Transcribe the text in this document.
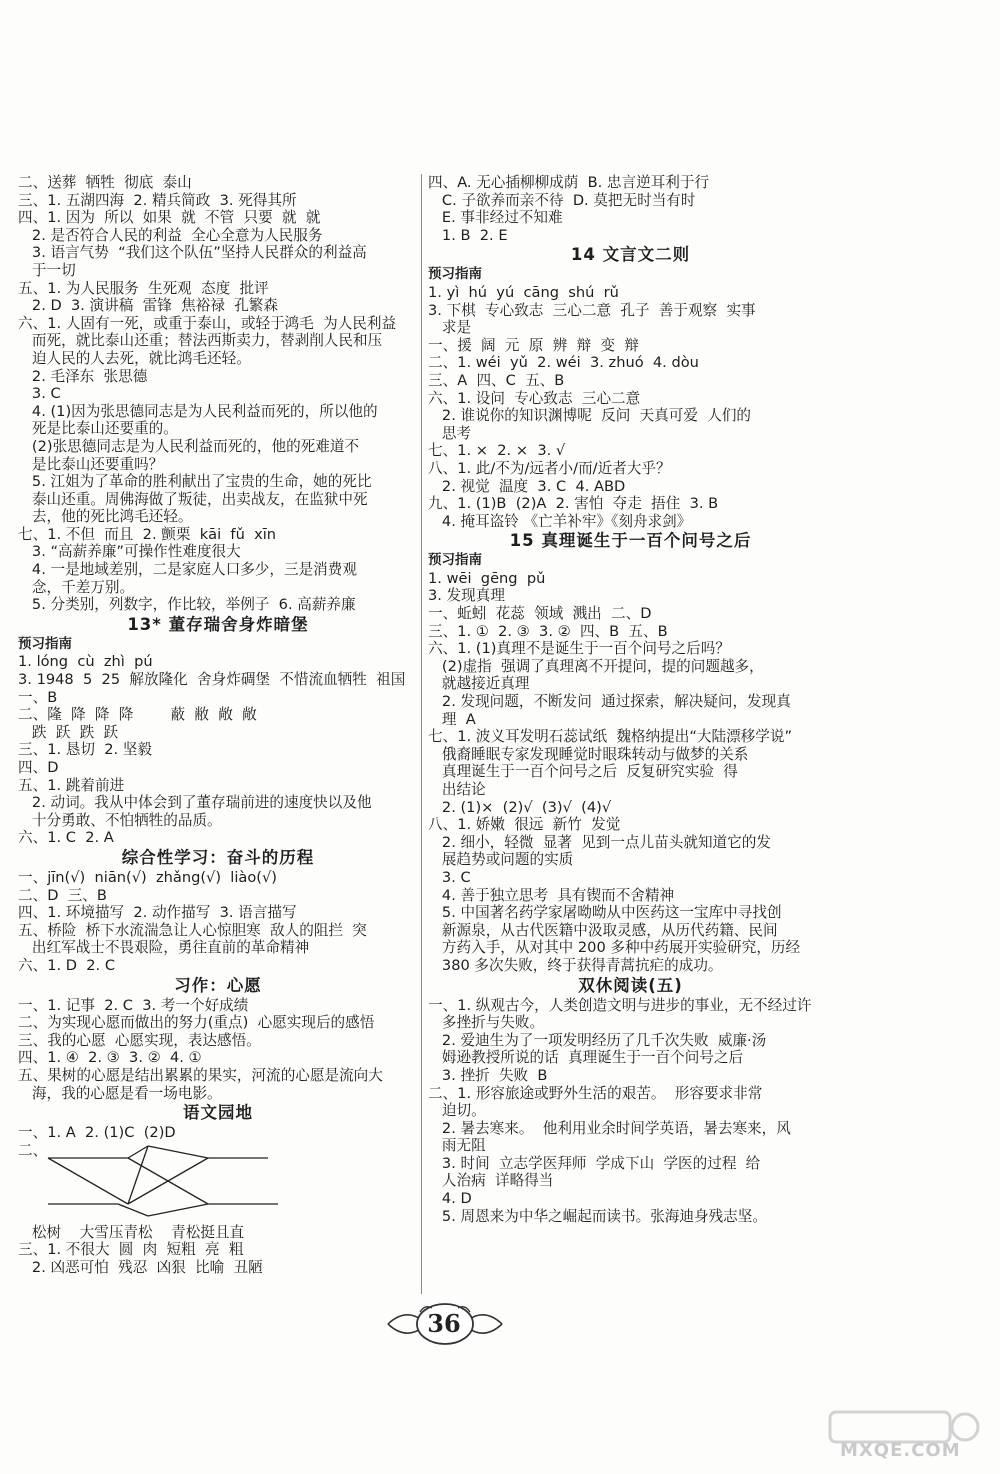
二、送葬  牺牲  彻底  泰山
三、1. 五湖四海  2. 精兵简政  3. 死得其所
四、1. 因为  所以  如果  就  不管  只要  就  就
2. 是否符合人民的利益  全心全意为人民服务
3. 语言气势  “我们这个队伍”坚持人民群众的利益高
于一切
五、1. 为人民服务  生死观  态度  批评
2. D  3. 演讲稿  雷锋  焦裕禄  孔繁森
六、1. 人固有一死，或重于泰山，或轻于鸿毛  为人民利益
而死，就比泰山还重；替法西斯卖力，替剥削人民和压
迫人民的人去死，就比鸿毛还轻。
2. 毛泽东  张思德
3. C
4. (1)因为张思德同志是为人民利益而死的，所以他的
死是比泰山还要重的。
(2)张思德同志是为人民利益而死的，他的死难道不
是比泰山还要重吗？
5. 江姐为了革命的胜利献出了宝贵的生命，她的死比
泰山还重。周佛海做了叛徒，出卖战友，在监狱中死
去，他的死比鸿毛还轻。
七、1. 不但  而且  2. 颤栗  kāi  fǔ  xīn
3. “高薪养廉”可操作性难度很大
4. 一是地域差别，二是家庭人口多少，三是消费观
念，千差万别。
5. 分类别，列数字，作比较，举例子  6. 高薪养廉
13* 董存瑞舍身炸暗堡
预习指南
1. lóng  cù  zhì  pú
3. 1948  5  25  解放隆化  舍身炸碉堡  不惜流血牺牲  祖国
一、B
二、隆  降  降  降        蔽  敝  敞  敞
跌  跃  跌  跃
三、1. 恳切  2. 坚毅
四、D
五、1. 跳着前进
2. 动词。我从中体会到了董存瑞前进的速度快以及他
十分勇敢、不怕牺牲的品质。
六、1. C  2. A
综合性学习：奋斗的历程
一、jīn(√)  niān(√)  zhǎng(√)  liào(√)
二、D  三、B
四、1. 环境描写  2. 动作描写  3. 语言描写
五、桥险  桥下水流湍急让人心惊胆寒  敌人的阻拦  突
出红军战士不畏艰险，勇往直前的革命精神
六、1. D  2. C
习作：心愿
一、1. 记事  2. C  3. 考一个好成绩
二、为实现心愿而做出的努力(重点)  心愿实现后的感悟
三、我的心愿  心愿实现，表达感悟。
四、1. ④  2. ③  3. ②  4. ①
五、果树的心愿是结出累累的果实，河流的心愿是流向大
海，我的心愿是看一场电影。
语文园地
一、1. A  2. (1)C  (2)D
二、
松树    大雪压青松    青松挺且直
三、1. 不很大  圆  肉  短粗  亮  粗
2. 凶恶可怕  残忍  凶狠  比喻  丑陋
四、A. 无心插柳柳成荫  B. 忠言逆耳利于行
C. 子欲养而亲不待  D. 莫把无时当有时
E. 事非经过不知难
1. B  2. E
14 文言文二则
预习指南
1. yì  hú  yú  cāng  shú  rǔ
3. 下棋  专心致志  三心二意  孔子  善于观察  实事
求是
一、援  阔  元  原  辨  辩  变  辩
二、1. wéi  yǔ  2. wéi  3. zhuó  4. dòu
三、A  四、C  五、B
六、1. 设问  专心致志  三心二意
2. 谁说你的知识渊博呢  反问  天真可爱  人们的
思考
七、1. ×  2. ×  3. √
八、1. 此/不为/远者小/而/近者大乎？
2. 视觉  温度  3. C  4. ABD
九、1. (1)B  (2)A  2. 害怕  夺走  捂住  3. B
4. 掩耳盗铃 《亡羊补牢》《刻舟求剑》
15 真理诞生于一百个问号之后
预习指南
1. wēi  gēng  pǔ
3. 发现真理
一、蚯蚓  花蕊  领域  溅出  二、D
三、1. ①  2. ③  3. ②  四、B  五、B
六、1. (1)真理不是诞生于一百个问号之后吗？
(2)虚指  强调了真理离不开提问，提的问题越多，
就越接近真理
2. 发现问题，不断发问  通过探索，解决疑问，发现真
理  A
七、1. 波义耳发明石蕊试纸  魏格纳提出“大陆漂移学说”
俄裔睡眠专家发现睡觉时眼珠转动与做梦的关系
真理诞生于一百个问号之后  反复研究实验  得
出结论
2. (1)×  (2)√  (3)√  (4)√
八、1. 娇嫩  很远  新竹  发觉
2. 细小，轻微  显著  见到一点儿苗头就知道它的发
展趋势或问题的实质
3. C
4. 善于独立思考  具有锲而不舍精神
5. 中国著名药学家屠呦呦从中医药这一宝库中寻找创
新源泉，从古代医籍中汲取灵感，从历代药籍、民间
方药入手，从对其中 200 多种中药展开实验研究，历经
380 多次失败，终于获得青蒿抗疟的成功。
双休阅读(五)
一、1. 纵观古今，人类创造文明与进步的事业，无不经过许
多挫折与失败。
2. 爱迪生为了一项发明经历了几千次失败  威廉·汤
姆逊教授所说的话  真理诞生于一百个问号之后
3. 挫折  失败  B
二、1. 形容旅途或野外生活的艰苦。  形容要求非常
迫切。
2. 暑去寒来。  他利用业余时间学英语，暑去寒来，风
雨无阻
3. 时间  立志学医拜师  学成下山  学医的过程  给
人治病  详略得当
4. D
5. 周恩来为中华之崛起而读书。张海迪身残志坚。
36
MXQE.COM
